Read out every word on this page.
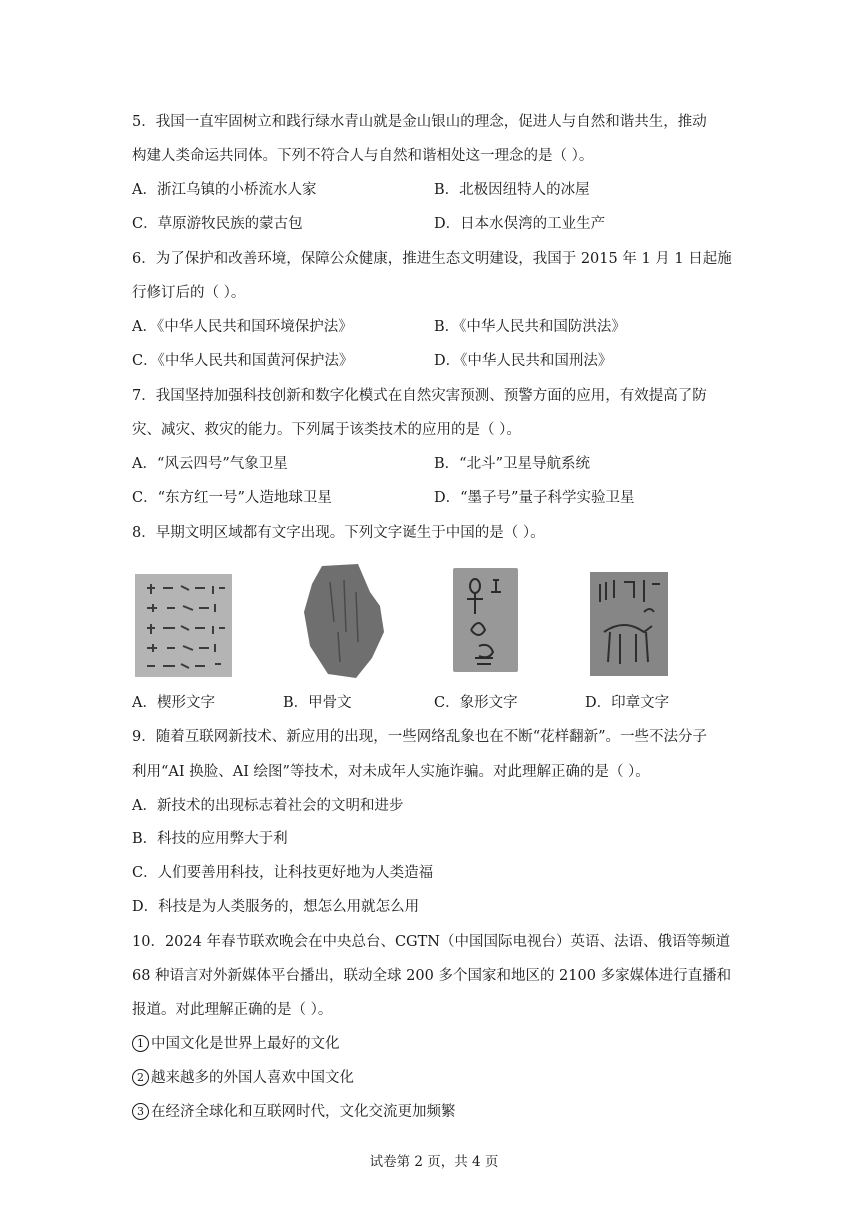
5．我国一直牢固树立和践行绿水青山就是金山银山的理念，促进人与自然和谐共生，推动
构建人类命运共同体。下列不符合人与自然和谐相处这一理念的是（ ）。
A．浙江乌镇的小桥流水人家	B．北极因纽特人的冰屋
C．草原游牧民族的蒙古包	D．日本水俣湾的工业生产
6．为了保护和改善环境，保障公众健康，推进生态文明建设，我国于 2015 年 1 月 1 日起施
行修订后的（ ）。
A．《中华人民共和国环境保护法》	B．《中华人民共和国防洪法》
C．《中华人民共和国黄河保护法》	D．《中华人民共和国刑法》
7．我国坚持加强科技创新和数字化模式在自然灾害预测、预警方面的应用，有效提高了防
灾、减灾、救灾的能力。下列属于该类技术的应用的是（ ）。
A．“风云四号”气象卫星	B．“北斗”卫星导航系统
C．“东方红一号”人造地球卫星	D．“墨子号”量子科学实验卫星
8．早期文明区域都有文字出现。下列文字诞生于中国的是（ ）。
A．楔形文字	B．甲骨文	C．象形文字	D．印章文字
9．随着互联网新技术、新应用的出现，一些网络乱象也在不断“花样翻新”。一些不法分子
利用“AI 换脸、AI 绘图”等技术，对未成年人实施诈骗。对此理解正确的是（ ）。
A．新技术的出现标志着社会的文明和进步
B．科技的应用弊大于利
C．人们要善用科技，让科技更好地为人类造福
D．科技是为人类服务的，想怎么用就怎么用
10．2024 年春节联欢晚会在中央总台、CGTN（中国国际电视台）英语、法语、俄语等频道
68 种语言对外新媒体平台播出，联动全球 200 多个国家和地区的 2100 多家媒体进行直播和
报道。对此理解正确的是（ ）。
1 中国文化是世界上最好的文化
2 越来越多的外国人喜欢中国文化
3 在经济全球化和互联网时代，文化交流更加频繁
试卷第 2 页，共 4 页
